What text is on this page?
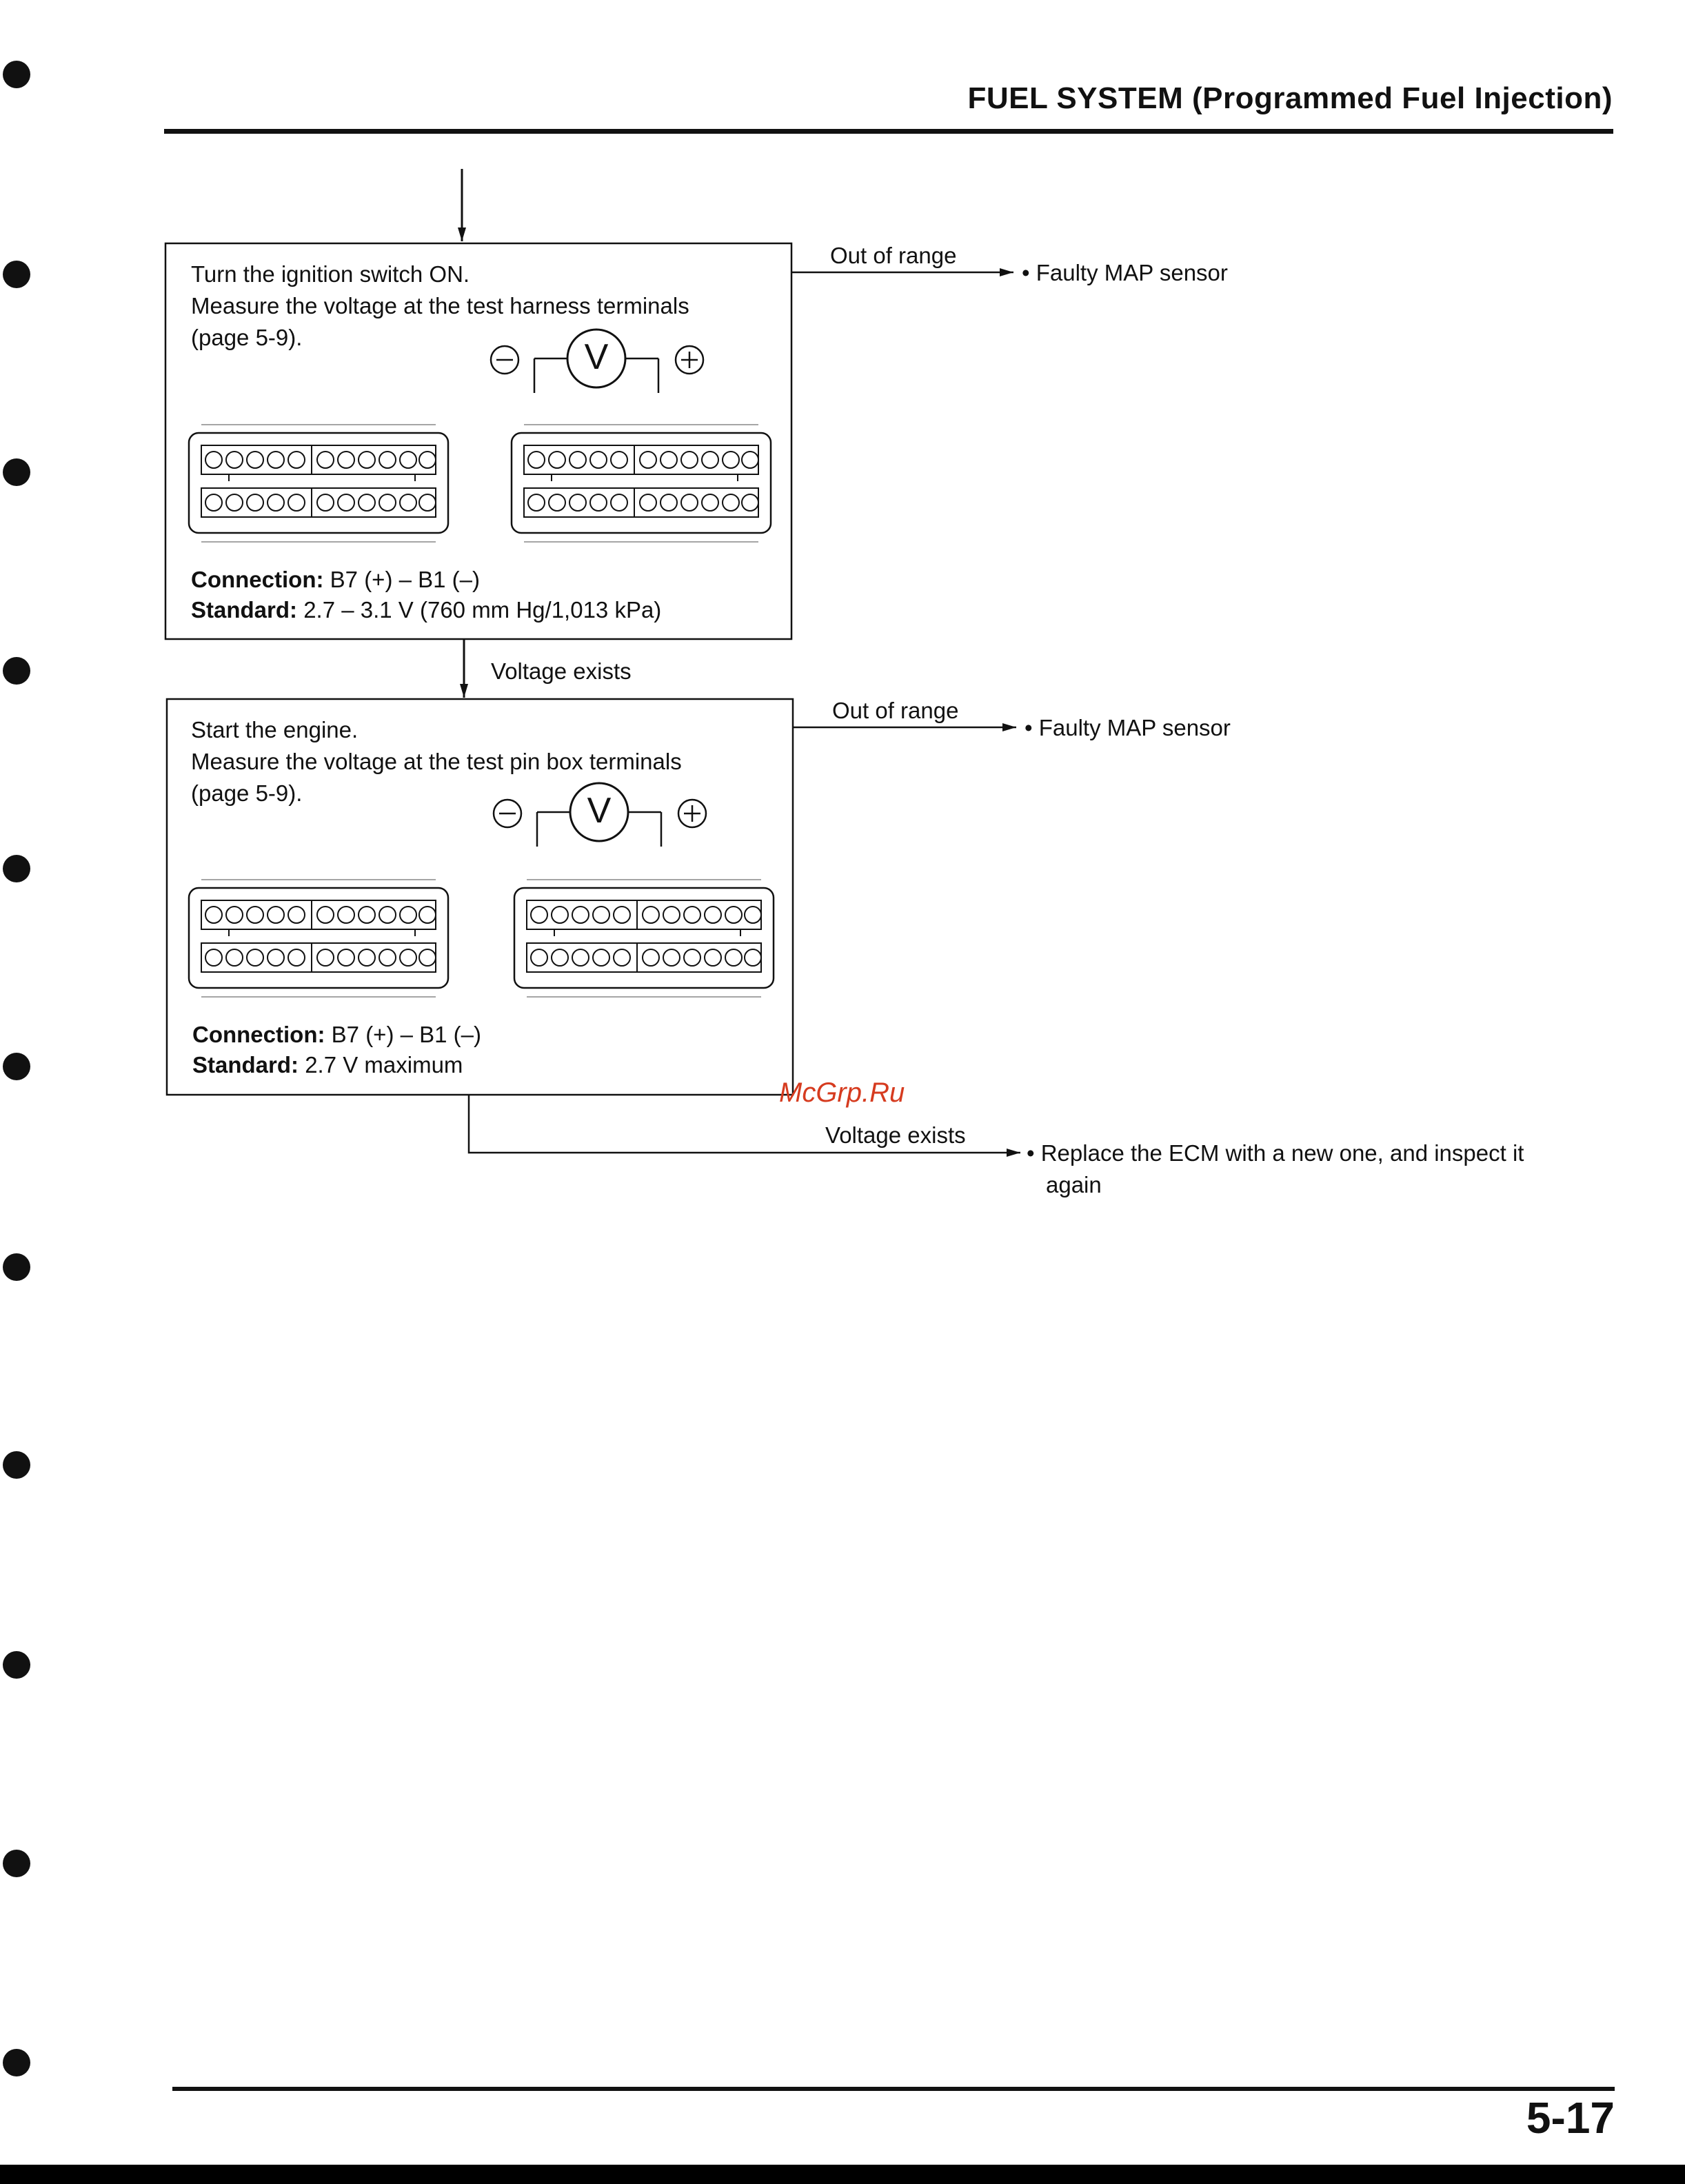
FUEL SYSTEM (Programmed Fuel Injection)
Turn the ignition switch ON.
Measure the voltage at the test harness terminals
(page 5-9).	V
Connection: B7 (+) – B1 (–)
Standard: 2.7 – 3.1 V (760 mm Hg/1,013 kPa)
Out of range
• Faulty MAP sensor
Voltage exists
Start the engine.
Measure the voltage at the test pin box terminals
(page 5-9).	V
Connection: B7 (+) – B1 (–)
Standard: 2.7 V maximum
Out of range
• Faulty MAP sensor
Voltage exists
• Replace the ECM with a new one, and inspect it
again
McGrp.Ru
5-17
